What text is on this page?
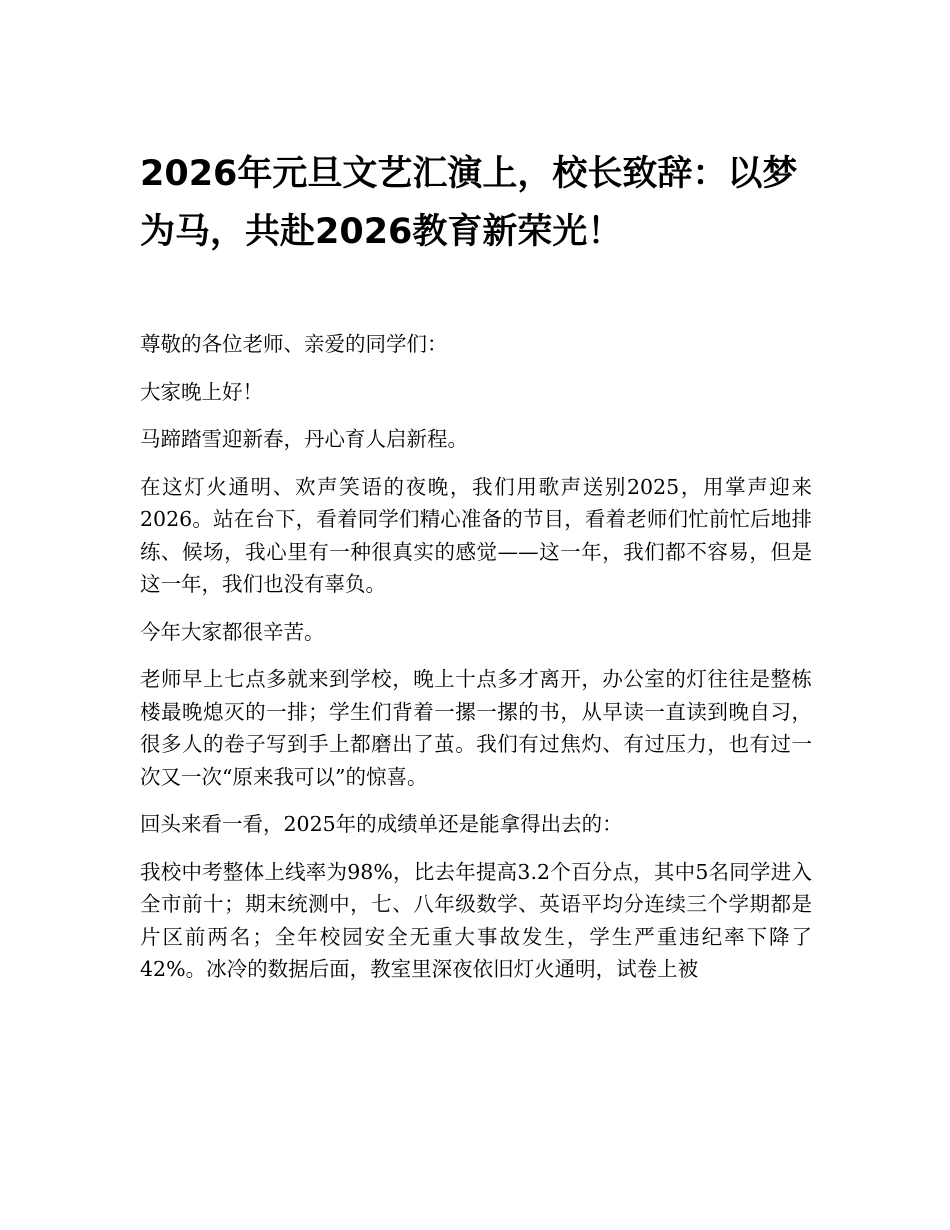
2026年元旦文艺汇演上，校长致辞：以梦为马，共赴2026教育新荣光！

尊敬的各位老师、亲爱的同学们：

大家晚上好！

马蹄踏雪迎新春，丹心育人启新程。

在这灯火通明、欢声笑语的夜晚，我们用歌声送别2025，用掌声迎来2026。站在台下，看着同学们精心准备的节目，看着老师们忙前忙后地排练、候场，我心里有一种很真实的感觉——这一年，我们都不容易，但是这一年，我们也没有辜负。

今年大家都很辛苦。

老师早上七点多就来到学校，晚上十点多才离开，办公室的灯往往是整栋楼最晚熄灭的一排；学生们背着一摞一摞的书，从早读一直读到晚自习，很多人的卷子写到手上都磨出了茧。我们有过焦灼、有过压力，也有过一次又一次“原来我可以”的惊喜。

回头来看一看，2025年的成绩单还是能拿得出去的：

我校中考整体上线率为98%，比去年提高3.2个百分点，其中5名同学进入全市前十；期末统测中，七、八年级数学、英语平均分连续三个学期都是片区前两名；全年校园安全无重大事故发生，学生严重违纪率下降了42%。冰冷的数据后面，教室里深夜依旧灯火通明，试卷上被
